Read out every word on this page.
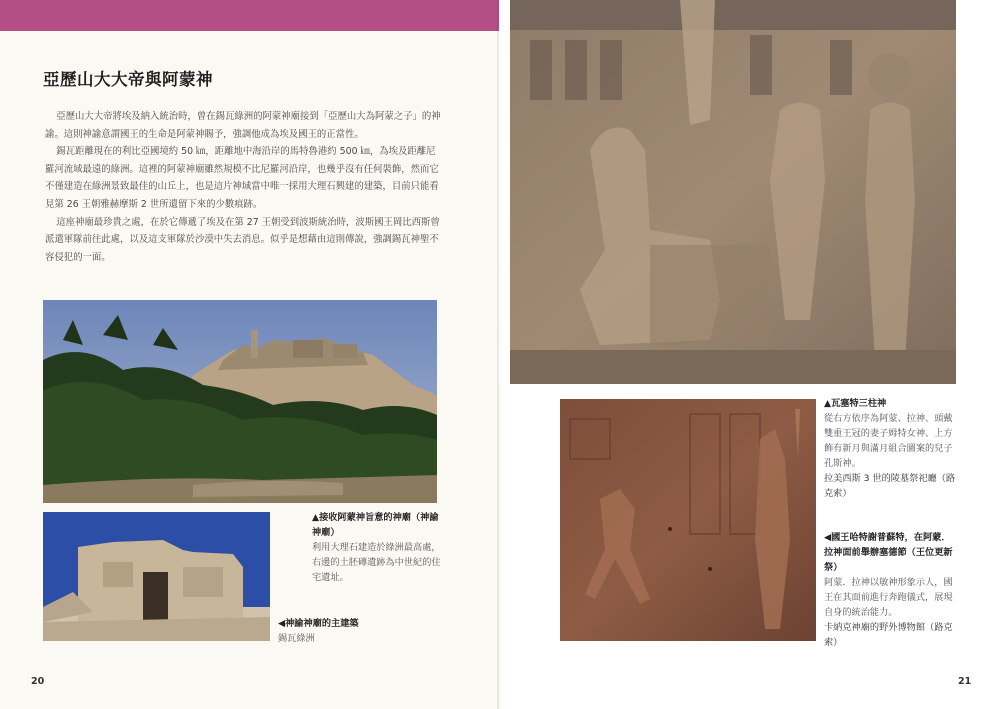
亞歷山大大帝與阿蒙神

亞歷山大大帝將埃及納入統治時，曾在錫瓦綠洲的阿蒙神廟接到「亞歷山大為阿蒙之子」的神諭。這則神諭意謂國王的生命是阿蒙神賜予，強調他成為埃及國王的正當性。

錫瓦距離現在的利比亞國境約 50 ㎞，距離地中海沿岸的馬特魯港約 500 ㎞，為埃及距離尼羅河流域最遠的綠洲。這裡的阿蒙神廟雖然規模不比尼羅河沿岸，也幾乎沒有任何裝飾，然而它不僅建造在綠洲景致最佳的山丘上，也是這片神域當中唯一採用大理石興建的建築，目前只能看見第 26 王朝雅赫摩斯 2 世所遺留下來的少數痕跡。

這座神廟最珍貴之處，在於它傳遞了埃及在第 27 王朝受到波斯統治時，波斯國王岡比西斯曾派遣軍隊前往此處，以及這支軍隊於沙漠中失去消息。似乎是想藉由這則傳說，強調錫瓦神聖不容侵犯的一面。

▲接收阿蒙神旨意的神廟（神諭神廟）
利用大理石建造於綠洲最高處，右邊的土胚磚遺跡為中世紀的住宅遺址。
◀神諭神廟的主建築
錫瓦綠洲
20
▲瓦塞特三柱神
從右方依序為阿蒙、拉神、頭戴雙重王冠的妻子姆特女神、上方飾有新月與滿月組合圖案的兒子孔斯神。
拉美西斯 3 世的陵墓祭祀廳（路克索）
◀國王哈特謝普蘇特，在阿蒙．拉神面前舉辦塞德節（王位更新祭）
阿蒙．拉神以敏神形象示人，國王在其面前進行奔跑儀式，展現自身的統治能力。
卡納克神廟的野外博物館（路克索）
21
